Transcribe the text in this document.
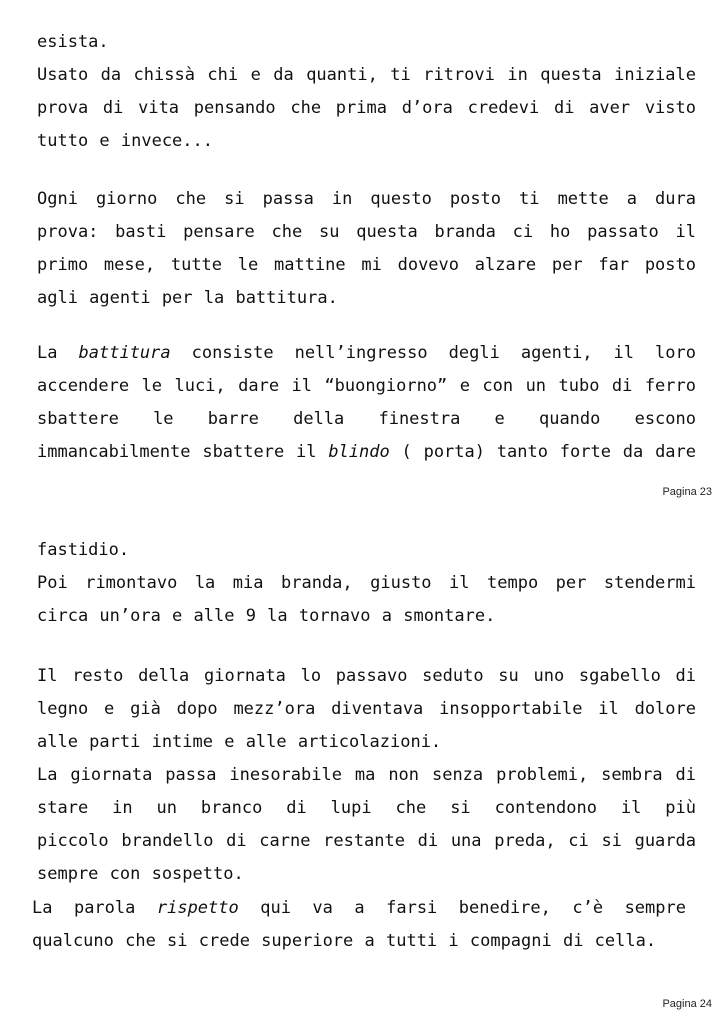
esista.
Usato da chissà chi e da quanti, ti ritrovi in questa iniziale
prova di vita pensando che prima d’ora credevi di aver visto
tutto e invece...
Ogni giorno che si passa in questo posto ti mette a dura
prova: basti pensare che su questa branda ci ho passato il
primo mese, tutte le mattine mi dovevo alzare per far posto
agli agenti per la battitura.
La battitura consiste nell’ingresso degli agenti, il loro
accendere le luci, dare il “buongiorno” e con un tubo di ferro
sbattere le barre della finestra e quando escono
immancabilmente sbattere il blindo ( porta) tanto forte da dare
Pagina 23
fastidio.
Poi rimontavo la mia branda, giusto il tempo per stendermi
circa un’ora e alle 9 la tornavo a smontare.
Il resto della giornata lo passavo seduto su uno sgabello di
legno e già dopo mezz’ora diventava insopportabile il dolore
alle parti intime e alle articolazioni.
La giornata passa inesorabile ma non senza problemi, sembra di
stare in un branco di lupi che si contendono il più
piccolo brandello di carne restante di una preda, ci si guarda
sempre con sospetto.
La parola rispetto qui va a farsi benedire, c’è sempre
qualcuno che si crede superiore a tutti i compagni di cella.
Pagina 24
